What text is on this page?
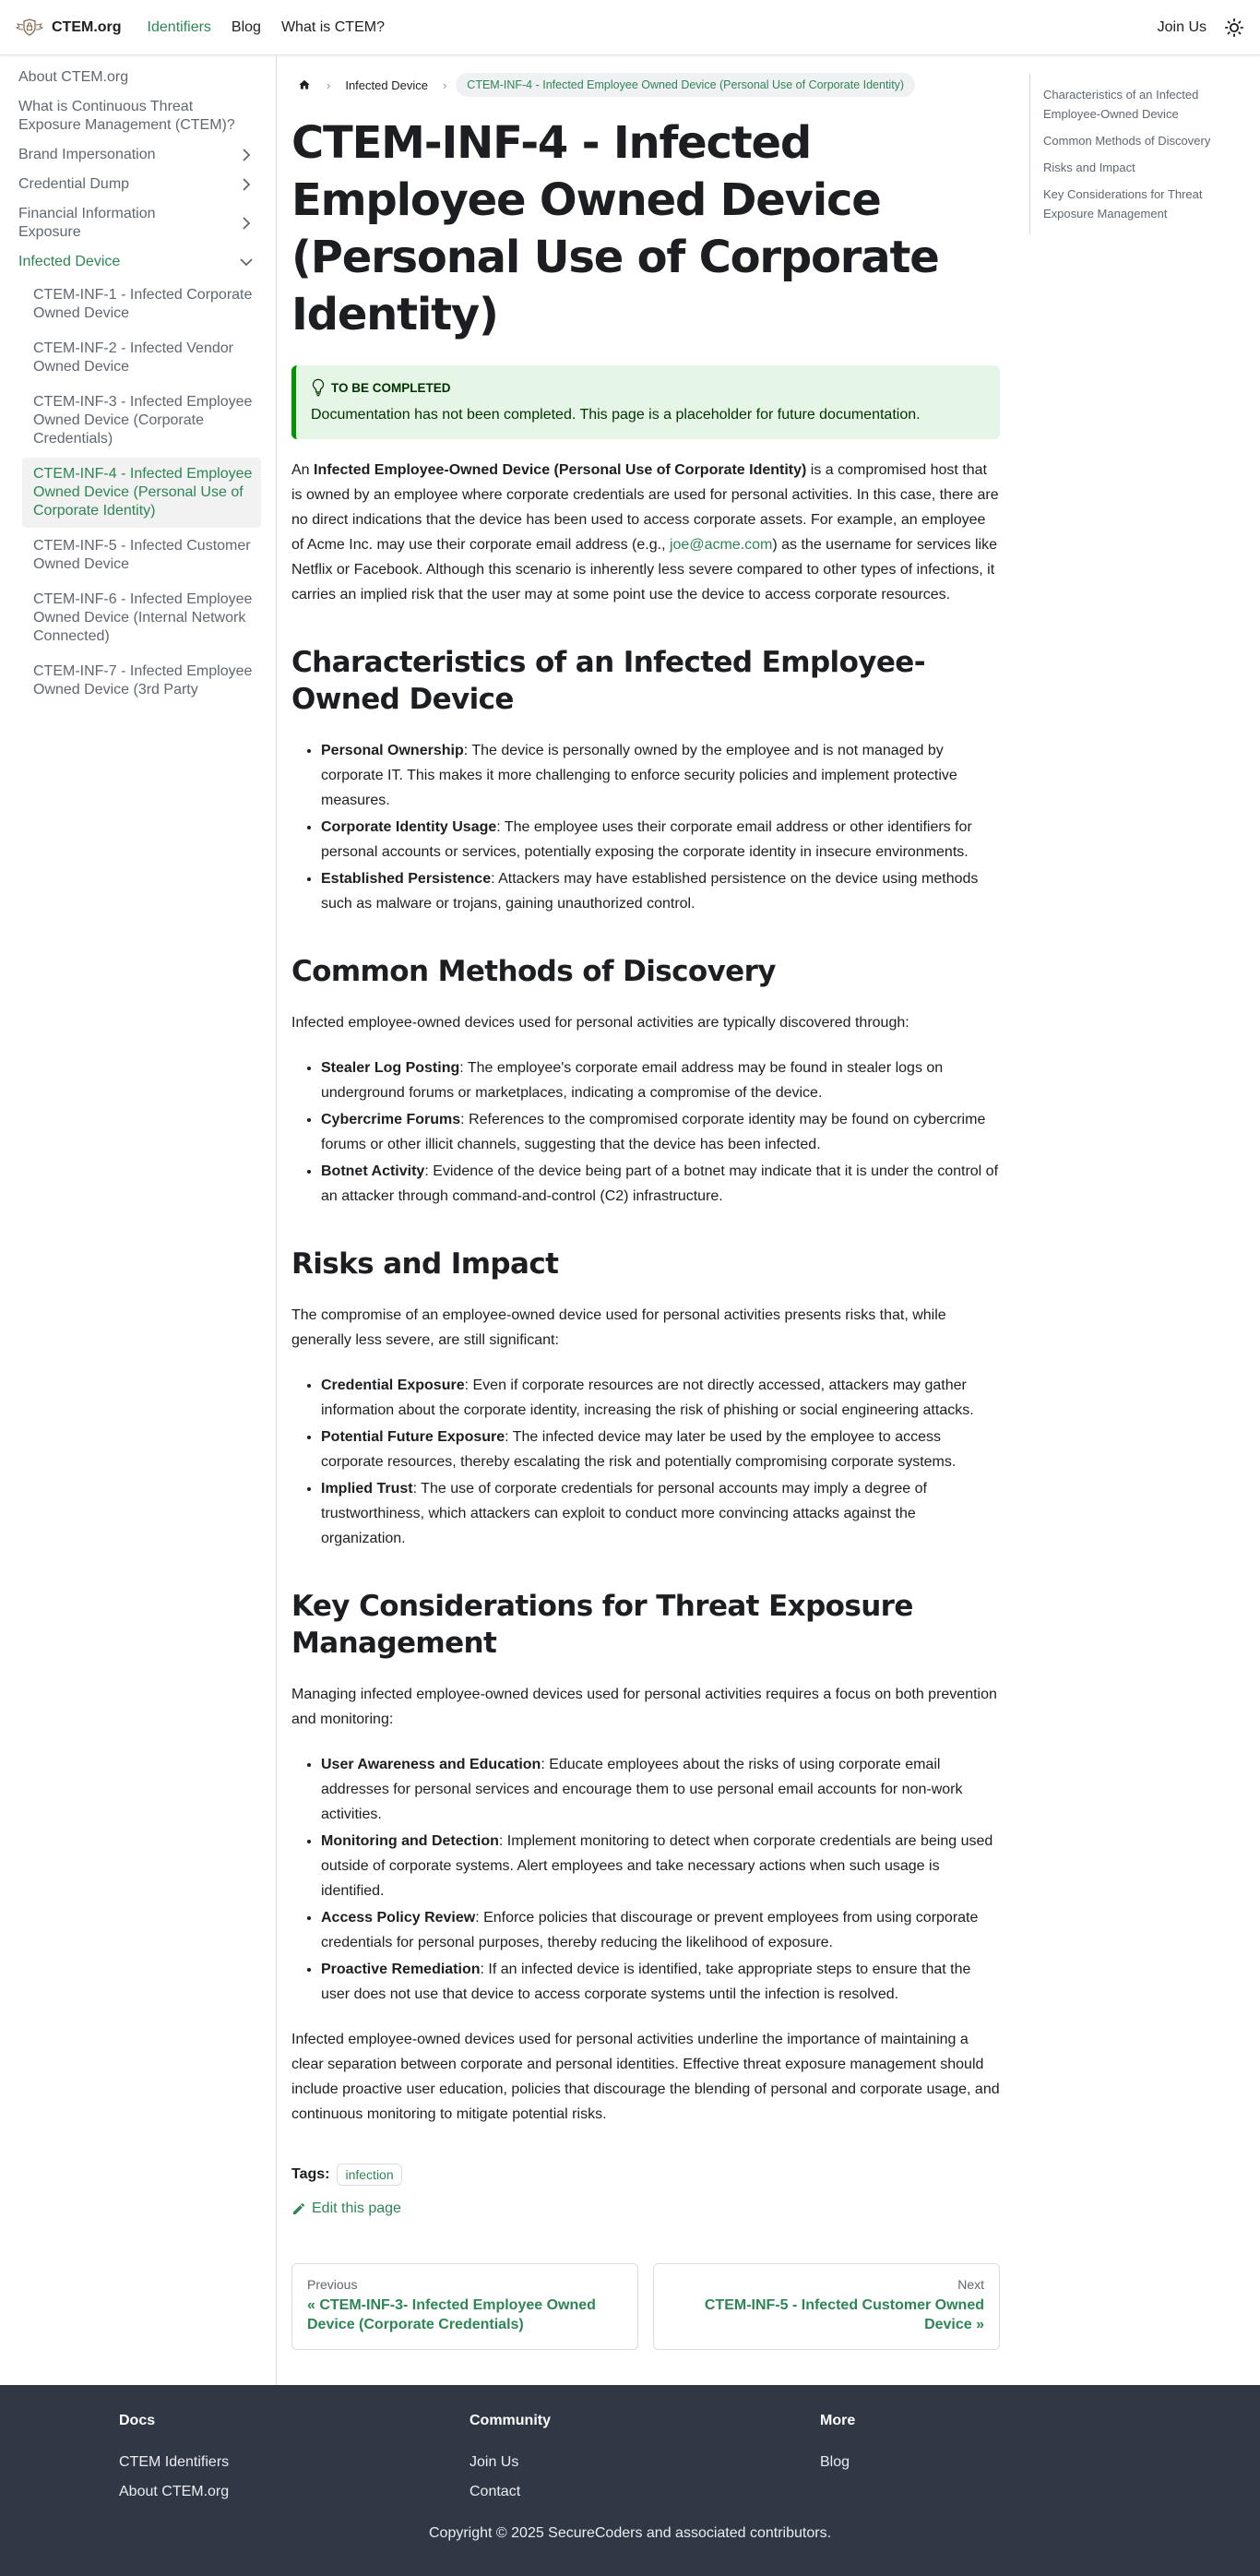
CTEM.org Identifiers Blog What is CTEM?	Join Us
About CTEM.org
What is Continuous Threat Exposure Management (CTEM)?
Brand Impersonation
Credential Dump
Financial Information Exposure
Infected Device
CTEM-INF-1 - Infected Corporate Owned Device
CTEM-INF-2 - Infected Vendor Owned Device
CTEM-INF-3 - Infected Employee Owned Device (Corporate Credentials)
CTEM-INF-4 - Infected Employee Owned Device (Personal Use of Corporate Identity)
CTEM-INF-5 - Infected Customer Owned Device
CTEM-INF-6 - Infected Employee Owned Device (Internal Network Connected)
CTEM-INF-7 - Infected Employee Owned Device (3rd Party
›	Infected Device	›	CTEM-INF-4 - Infected Employee Owned Device (Personal Use of Corporate Identity)
CTEM-INF-4 - Infected Employee Owned Device (Personal Use of Corporate Identity)
TO BE COMPLETED
Documentation has not been completed. This page is a placeholder for future documentation.

An Infected Employee-Owned Device (Personal Use of Corporate Identity) is a compromised host that is owned by an employee where corporate credentials are used for personal activities. In this case, there are no direct indications that the device has been used to access corporate assets. For example, an employee of Acme Inc. may use their corporate email address (e.g., joe@acme.com) as the username for services like Netflix or Facebook. Although this scenario is inherently less severe compared to other types of infections, it carries an implied risk that the user may at some point use the device to access corporate resources.

Characteristics of an Infected Employee-Owned Device
• Personal Ownership: The device is personally owned by the employee and is not managed by corporate IT. This makes it more challenging to enforce security policies and implement protective measures.
• Corporate Identity Usage: The employee uses their corporate email address or other identifiers for personal accounts or services, potentially exposing the corporate identity in insecure environments.
• Established Persistence: Attackers may have established persistence on the device using methods such as malware or trojans, gaining unauthorized control.
Common Methods of Discovery

Infected employee-owned devices used for personal activities are typically discovered through:

• Stealer Log Posting: The employee's corporate email address may be found in stealer logs on underground forums or marketplaces, indicating a compromise of the device.
• Cybercrime Forums: References to the compromised corporate identity may be found on cybercrime forums or other illicit channels, suggesting that the device has been infected.
• Botnet Activity: Evidence of the device being part of a botnet may indicate that it is under the control of an attacker through command-and-control (C2) infrastructure.
Risks and Impact

The compromise of an employee-owned device used for personal activities presents risks that, while generally less severe, are still significant:

• Credential Exposure: Even if corporate resources are not directly accessed, attackers may gather information about the corporate identity, increasing the risk of phishing or social engineering attacks.
• Potential Future Exposure: The infected device may later be used by the employee to access corporate resources, thereby escalating the risk and potentially compromising corporate systems.
• Implied Trust: The use of corporate credentials for personal accounts may imply a degree of trustworthiness, which attackers can exploit to conduct more convincing attacks against the organization.
Key Considerations for Threat Exposure Management

Managing infected employee-owned devices used for personal activities requires a focus on both prevention and monitoring:

• User Awareness and Education: Educate employees about the risks of using corporate email addresses for personal services and encourage them to use personal email accounts for non-work activities.
• Monitoring and Detection: Implement monitoring to detect when corporate credentials are being used outside of corporate systems. Alert employees and take necessary actions when such usage is identified.
• Access Policy Review: Enforce policies that discourage or prevent employees from using corporate credentials for personal purposes, thereby reducing the likelihood of exposure.
• Proactive Remediation: If an infected device is identified, take appropriate steps to ensure that the user does not use that device to access corporate systems until the infection is resolved.

Infected employee-owned devices used for personal activities underline the importance of maintaining a clear separation between corporate and personal identities. Effective threat exposure management should include proactive user education, policies that discourage the blending of personal and corporate usage, and continuous monitoring to mitigate potential risks.

Tags:	infection
Edit this page
Previous
« CTEM-INF-3- Infected Employee Owned Device (Corporate Credentials)
Next
CTEM-INF-5 - Infected Customer Owned Device »
Characteristics of an Infected Employee-Owned Device
Common Methods of Discovery
Risks and Impact
Key Considerations for Threat Exposure Management
Docs
CTEM Identifiers
About CTEM.org
Community
Join Us
Contact
More
Blog
Copyright © 2025 SecureCoders and associated contributors.
